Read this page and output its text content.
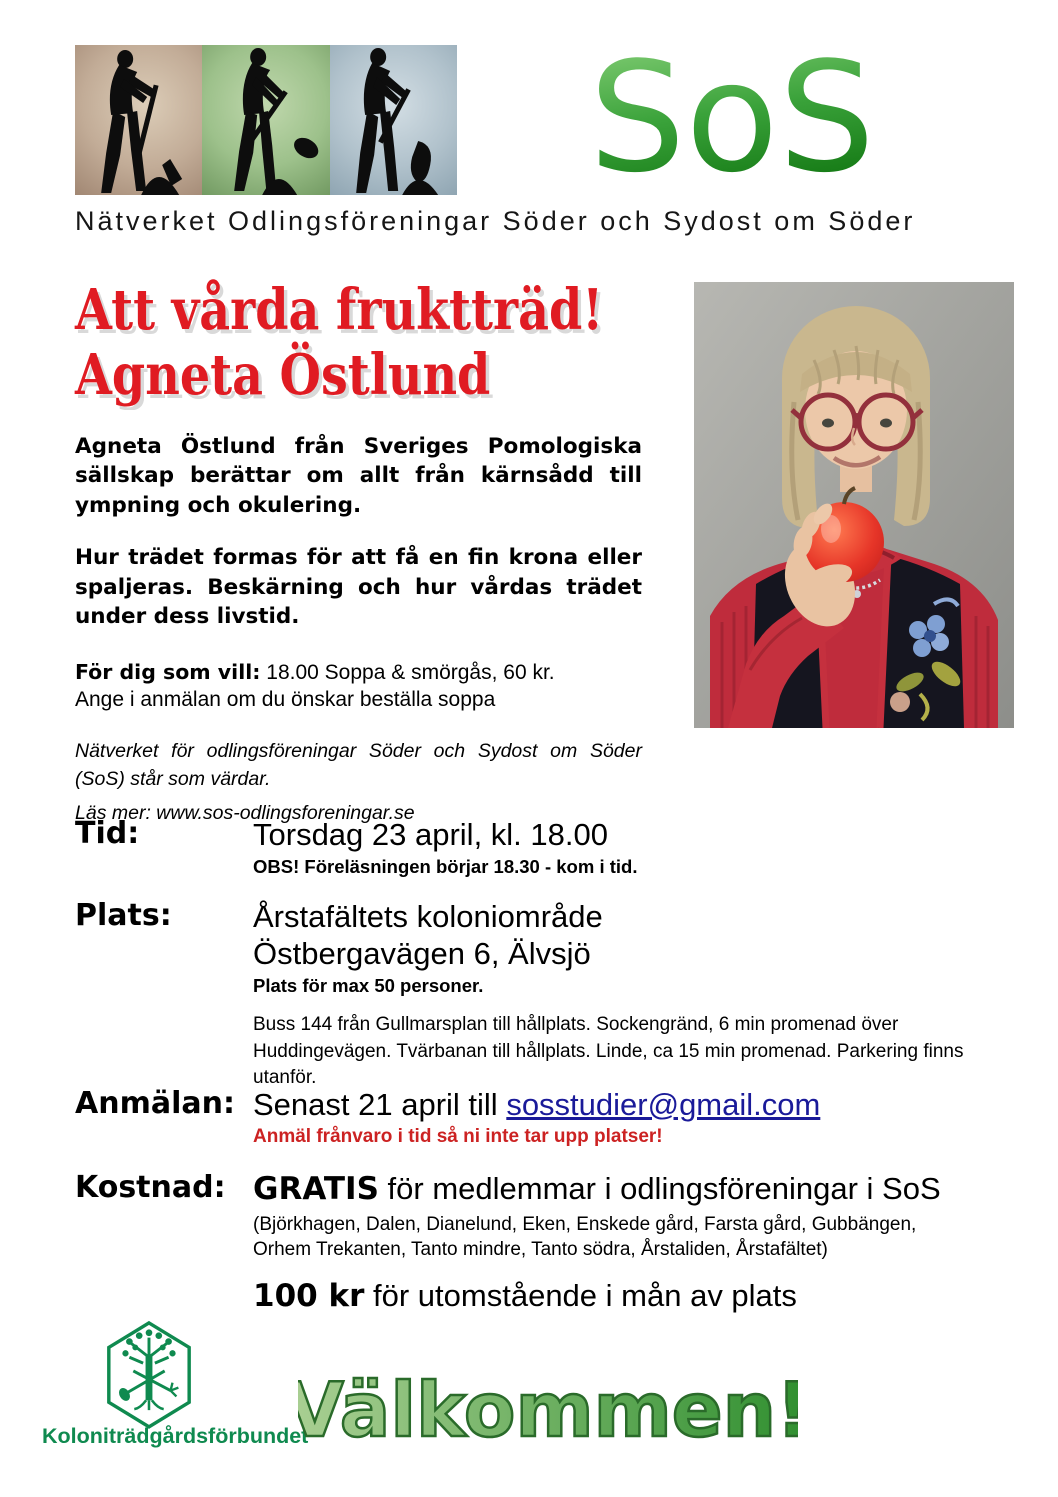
SoS
Nätverket Odlingsföreningar Söder och Sydost om Söder
Att vårda fruktträd!
Agneta Östlund

Agneta Östlund från Sveriges Pomologiska sällskap berättar om allt från kärnsådd till ympning och okulering.

Hur trädet formas för att få en fin krona eller spaljeras. Beskärning och hur vårdas trädet under dess livstid.

För dig som vill: 18.00 Soppa & smörgås, 60 kr.
Ange i anmälan om du önskar beställa soppa

Nätverket för odlingsföreningar Söder och Sydost om Söder (SoS) står som värdar.

Läs mer: www.sos-odlingsforeningar.se

Tid:	Torsdag 23 april, kl. 18.00
OBS! Föreläsningen börjar 18.30 - kom i tid.
Plats:	Årstafältets koloniområde
Östbergavägen 6, Älvsjö
Plats för max 50 personer.
Buss 144 från Gullmarsplan till hållplats. Sockengränd, 6 min promenad över Huddingevägen. Tvärbanan till hållplats. Linde, ca 15 min promenad. Parkering finns utanför.
Anmälan: Senast 21 april till sosstudier@gmail.com
Anmäl frånvaro i tid så ni inte tar upp platser!
Kostnad: GRATIS för medlemmar i odlingsföreningar i SoS
(Björkhagen, Dalen, Dianelund, Eken, Enskede gård, Farsta gård, Gubbängen, Orhem Trekanten, Tanto mindre, Tanto södra, Årstaliden, Årstafältet)
100 kr för utomstående i mån av plats
Koloniträdgårdsförbundet
Välkommen!
